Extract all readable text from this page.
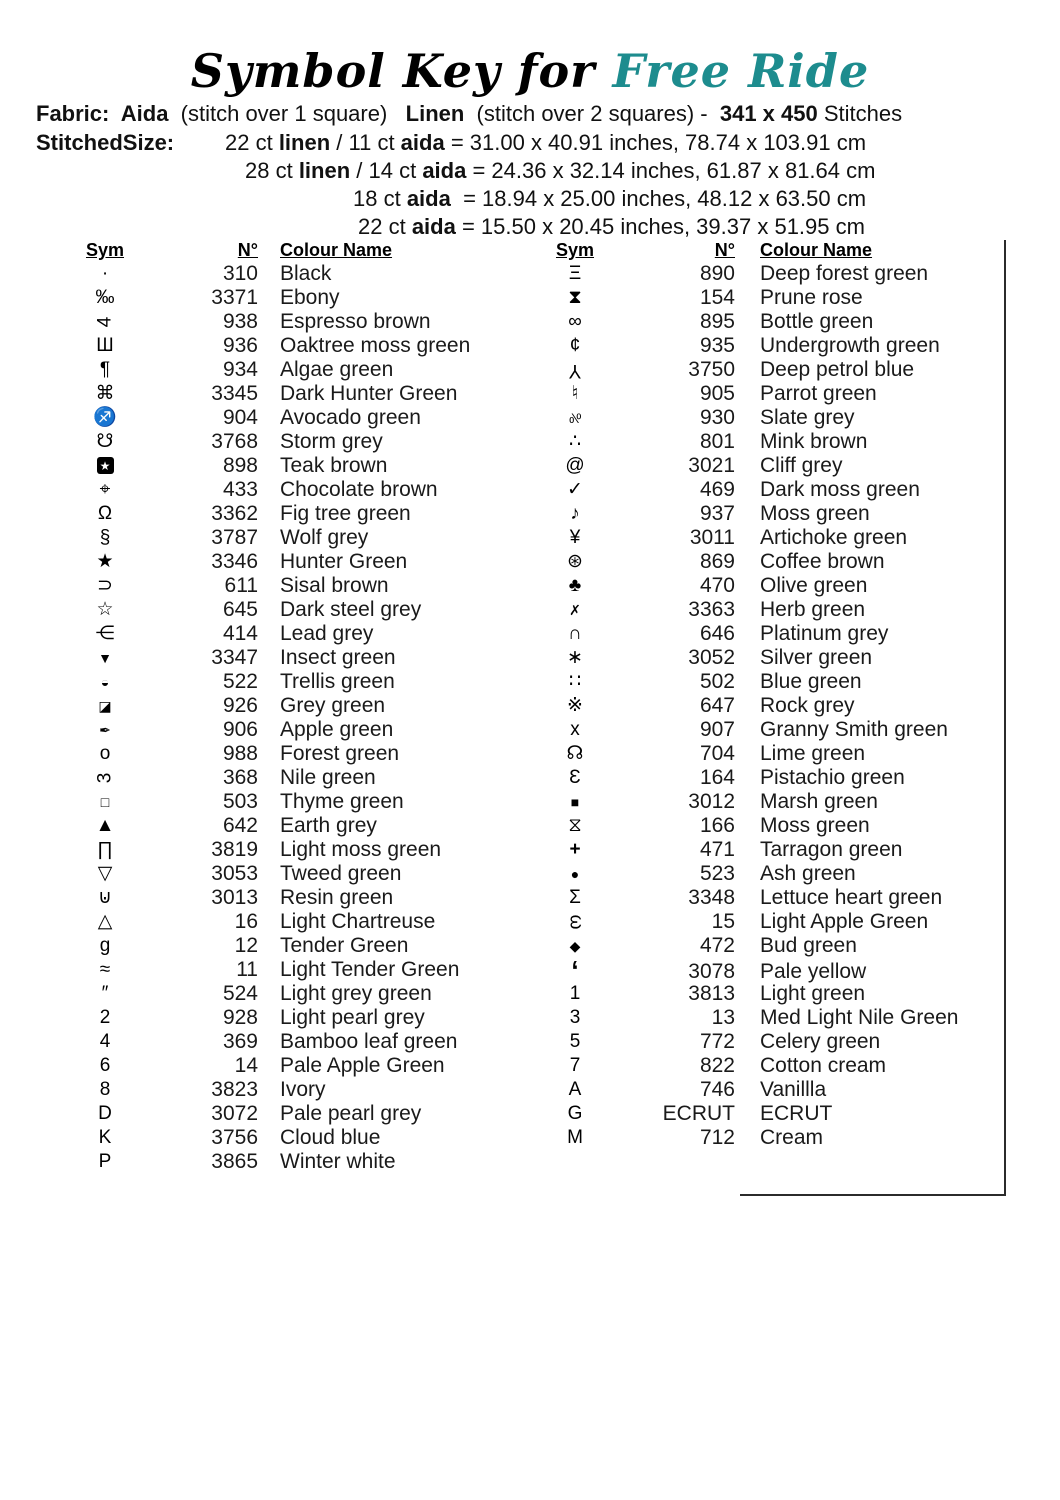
Symbol Key for Free Ride
Fabric:  Aida  (stitch over 1 square)   Linen  (stitch over 2 squares) -  341 x 450 Stitches
StitchedSize: 22 ct linen / 11 ct aida = 31.00 x 40.91 inches, 78.74 x 103.91 cm
28 ct linen / 14 ct aida = 24.36 x 32.14 inches, 61.87 x 81.64 cm
18 ct aida  = 18.94 x 25.00 inches, 48.12 x 63.50 cm
22 ct aida = 15.50 x 20.45 inches, 39.37 x 51.95 cm
Sym	N°	Colour Name
·	310	Black
‰	3371	Ebony
4	938	Espresso brown
Ш	936	Oaktree moss green
¶	934	Algae green
⌘	3345	Dark Hunter Green
♐	904	Avocado green
☋	3768	Storm grey
★	898	Teak brown
⌖	433	Chocolate brown
Ω	3362	Fig tree green
§	3787	Wolf grey
★	3346	Hunter Green
⊃	611	Sisal brown
☆	645	Dark steel grey
⋲	414	Lead grey
▼	3347	Insect green
◒	522	Trellis green
◪	926	Grey green
✒	906	Apple green
o	988	Forest green
3	368	Nile green
□	503	Thyme green
▲	642	Earth grey
∏	3819	Light moss green
▽	3053	Tweed green
⊍	3013	Resin green
△	16	Light Chartreuse
g	12	Tender Green
≈	11	Light Tender Green
″	524	Light grey green
2	928	Light pearl grey
4	369	Bamboo leaf green
6	14	Pale Apple Green
8	3823	Ivory
D	3072	Pale pearl grey
K	3756	Cloud blue
P	3865	Winter white
Sym	N°	Colour Name
Ξ	890	Deep forest green
⧗	154	Prune rose
∞	895	Bottle green
¢	935	Undergrowth green
Y	3750	Deep petrol blue
♮	905	Parrot green
%	930	Slate grey
∴	801	Mink brown
@	3021	Cliff grey
✓	469	Dark moss green
♪	937	Moss green
¥	3011	Artichoke green
⊛	869	Coffee brown
♣	470	Olive green
✗	3363	Herb green
∩	646	Platinum grey
∗	3052	Silver green
∷	502	Blue green
※	647	Rock grey
x	907	Granny Smith green
☊	704	Lime green
Ɛ	164	Pistachio green
■	3012	Marsh green
⧖	166	Moss green
+	471	Tarragon green
●	523	Ash green
Σ	3348	Lettuce heart green
ω	15	Light Apple Green
◆	472	Bud green
‘	3078	Pale yellow
1	3813	Light green
3	13	Med Light Nile Green
5	772	Celery green
7	822	Cotton cream
A	746	Vanillla
G	ECRUT	ECRUT
M	712	Cream
